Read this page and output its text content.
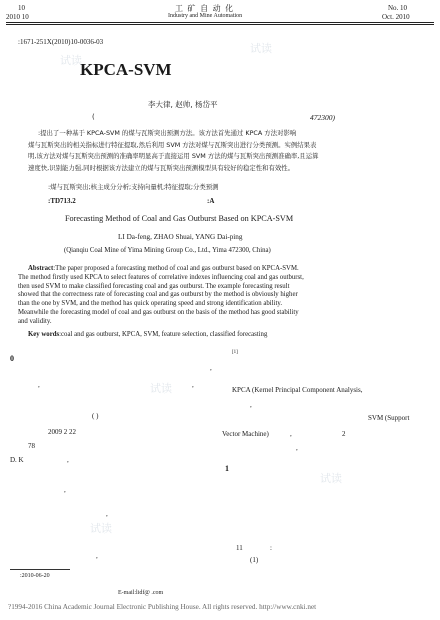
10
2010 10
工 矿 自 动 化
Industry and Mine Automation
No. 10
Oct. 2010
:1671-251X(2010)10-0036-03
KPCA-SVM
李大律, 赵帅, 杨岱平
(	472300)
:提出了一种基于 KPCA-SVM 的煤与瓦斯突出预测方法。该方法首先通过 KPCA 方法对影响
煤与瓦斯突出的相关指标进行特征提取,然后利用 SVM 方法对煤与瓦斯突出进行分类预测。实例结果表
明,该方法对煤与瓦斯突出预测的准确率明显高于直接运用 SVM 方法的煤与瓦斯突出预测准确率,且运算
速度快,识别能力强,同时根据该方法建立的煤与瓦斯突出预测模型具有较好的稳定性和有效性。
:煤与瓦斯突出;核主成分分析;支持向量机;特征提取;分类预测
:TD713.2	:A
Forecasting Method of Coal and Gas Outburst Based on KPCA-SVM
LI Da-feng, ZHAO Shuai, YANG Dai-ping
(Qianqiu Coal Mine of Yima Mining Group Co., Ltd., Yima 472300, China)
Abstract:The paper proposed a forecasting method of coal and gas outburst based on KPCA-SVM.
The method firstly used KPCA to select features of correlative indexes influencing coal and gas outburst,
then used SVM to make classified forecasting coal and gas outburst. The example forecasting result
showed that the correctness rate of forecasting coal and gas outburst by the method is obviously higher
than the one by SVM, and the method has quick operating speed and strong identification ability.
Meanwhile the forecasting model of coal and gas outburst on the basis of the method has good stability
and validity.
Key words:coal and gas outburst, KPCA, SVM, feature selection, classified forecasting
0
[1]
,
,	,
KPCA (Kernel Principal Component Analysis,
,
( )	SVM (Support
Vector Machine)	,	2
,
2009 2 22
78
D. K	,
1
,
,
11	:
(1)
,
:2010-06-20
E-mail:lidf@ .com
?1994-2016 China Academic Journal Electronic Publishing House. All rights reserved. http://www.cnki.net
试读
试读
试读
试读
试读
